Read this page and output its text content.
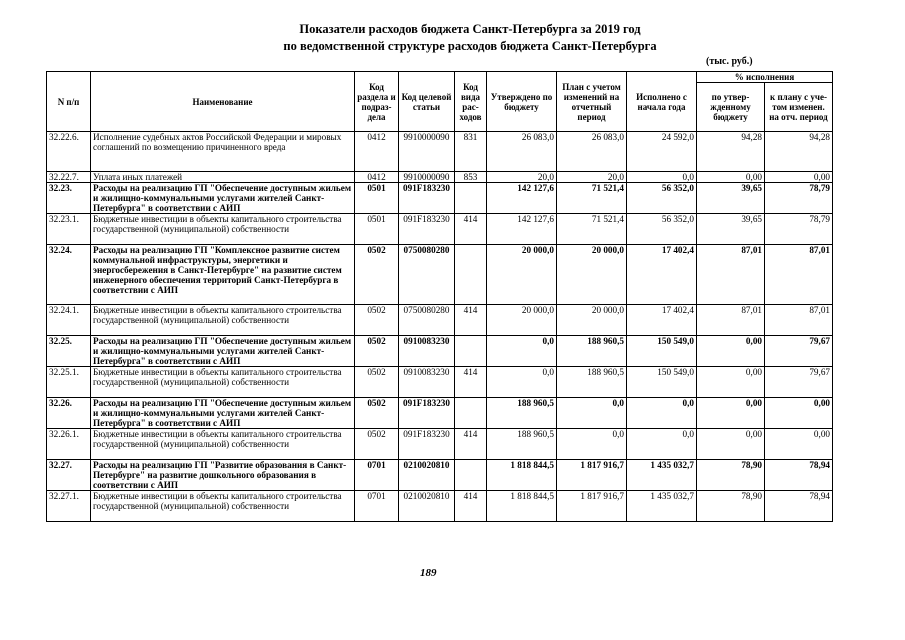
Показатели расходов бюджета Санкт-Петербурга за 2019 год
по ведомственной структуре расходов бюджета Санкт-Петербурга
(тыс. руб.)
N п/п	Наименование	Код раздела и подраз-дела	Код целевой статьи	Код вида рас-ходов	Утверждено по бюджету	План с учетом изменений на отчетный период	Исполнено с начала года	% исполнения	
								по утвер-жденному бюджету	к плану с уче-том изменен. на отч. период
32.22.6.	Исполнение судебных актов Российской Федерации и мировых соглашений по возмещению причиненного вреда	0412	9910000090	831	26 083,0	26 083,0	24 592,0	94,28	94,28
32.22.7.	Уплата иных платежей	0412	9910000090	853	20,0	20,0	0,0	0,00	0,00
32.23.	Расходы на реализацию ГП "Обеспечение доступным жильем и жилищно-коммунальными услугами жителей Санкт-Петербурга" в соответствии с АИП	0501	091F183230		142 127,6	71 521,4	56 352,0	39,65	78,79
32.23.1.	Бюджетные инвестиции в объекты капитального строительства государственной (муниципальной) собственности	0501	091F183230	414	142 127,6	71 521,4	56 352,0	39,65	78,79
32.24.	Расходы на реализацию ГП "Комплексное развитие систем коммунальной инфраструктуры, энергетики и энергосбережения в Санкт-Петербурге" на развитие систем инженерного обеспечения территорий Санкт-Петербурга в соответствии с АИП	0502	0750080280		20 000,0	20 000,0	17 402,4	87,01	87,01
32.24.1.	Бюджетные инвестиции в объекты капитального строительства государственной (муниципальной) собственности	0502	0750080280	414	20 000,0	20 000,0	17 402,4	87,01	87,01
32.25.	Расходы на реализацию ГП "Обеспечение доступным жильем и жилищно-коммунальными услугами жителей Санкт-Петербурга" в соответствии с АИП	0502	0910083230		0,0	188 960,5	150 549,0	0,00	79,67
32.25.1.	Бюджетные инвестиции в объекты капитального строительства государственной (муниципальной) собственности	0502	0910083230	414	0,0	188 960,5	150 549,0	0,00	79,67
32.26.	Расходы на реализацию ГП "Обеспечение доступным жильем и жилищно-коммунальными услугами жителей Санкт-Петербурга" в соответствии с АИП	0502	091F183230		188 960,5	0,0	0,0	0,00	0,00
32.26.1.	Бюджетные инвестиции в объекты капитального строительства государственной (муниципальной) собственности	0502	091F183230	414	188 960,5	0,0	0,0	0,00	0,00
32.27.	Расходы на реализацию ГП "Развитие образования в Санкт-Петербурге" на развитие дошкольного образования в соответствии с АИП	0701	0210020810		1 818 844,5	1 817 916,7	1 435 032,7	78,90	78,94
32.27.1.	Бюджетные инвестиции в объекты капитального строительства государственной (муниципальной) собственности	0701	0210020810	414	1 818 844,5	1 817 916,7	1 435 032,7	78,90	78,94
189
